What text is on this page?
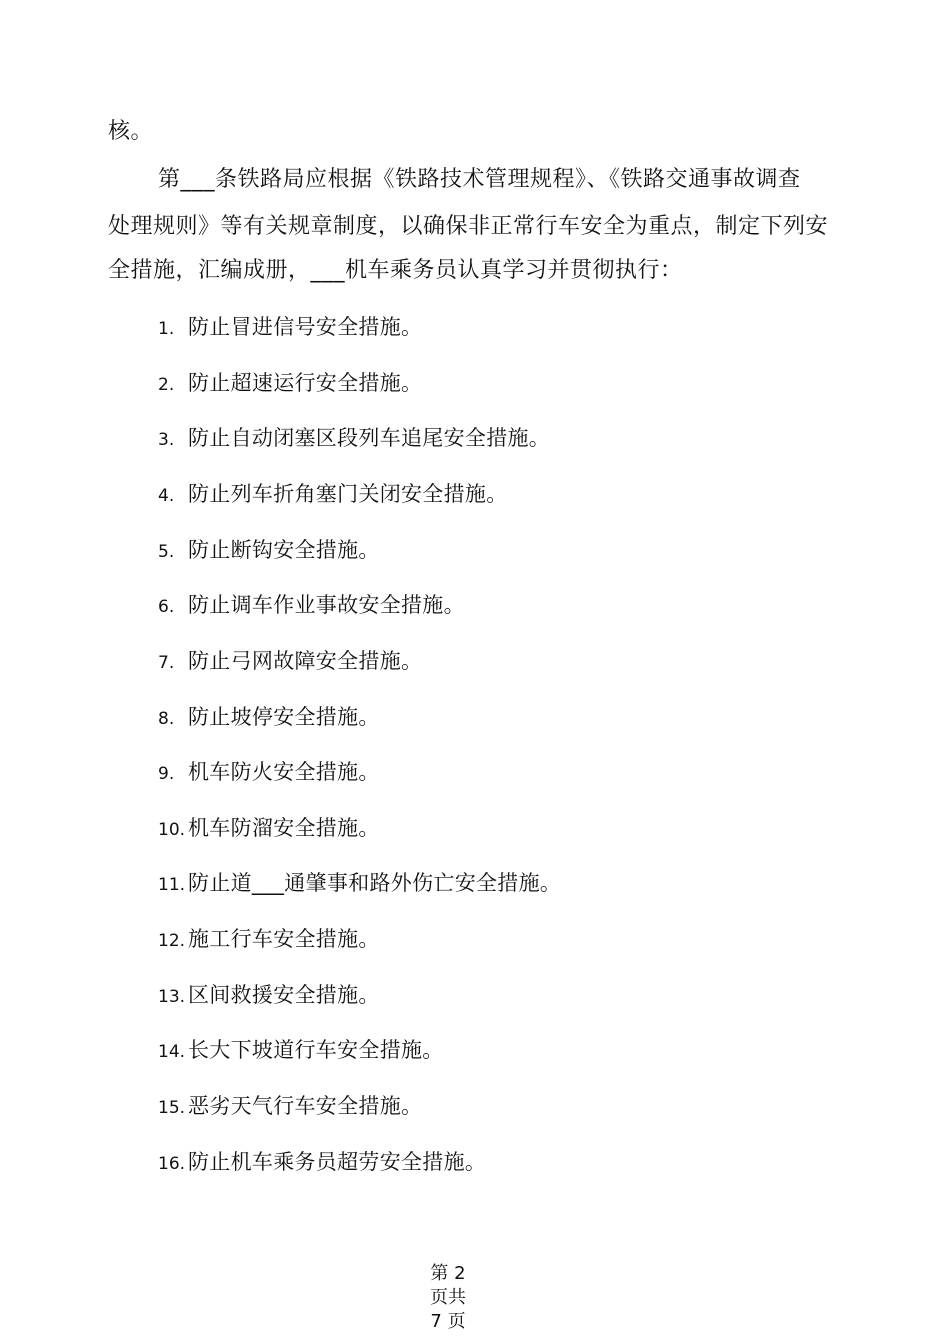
核。
第___条铁路局应根据《铁路技术管理规程》、《铁路交通事故调查
处理规则》等有关规章制度，以确保非正常行车安全为重点，制定下列安
全措施，汇编成册，___机车乘务员认真学习并贯彻执行：
1. 防止冒进信号安全措施。
2. 防止超速运行安全措施。
3. 防止自动闭塞区段列车追尾安全措施。
4. 防止列车折角塞门关闭安全措施。
5. 防止断钩安全措施。
6. 防止调车作业事故安全措施。
7. 防止弓网故障安全措施。
8. 防止坡停安全措施。
9. 机车防火安全措施。
10. 机车防溜安全措施。
11. 防止道___通肇事和路外伤亡安全措施。
12. 施工行车安全措施。
13. 区间救援安全措施。
14. 长大下坡道行车安全措施。
15. 恶劣天气行车安全措施。
16. 防止机车乘务员超劳安全措施。
第 2
页共
7 页
